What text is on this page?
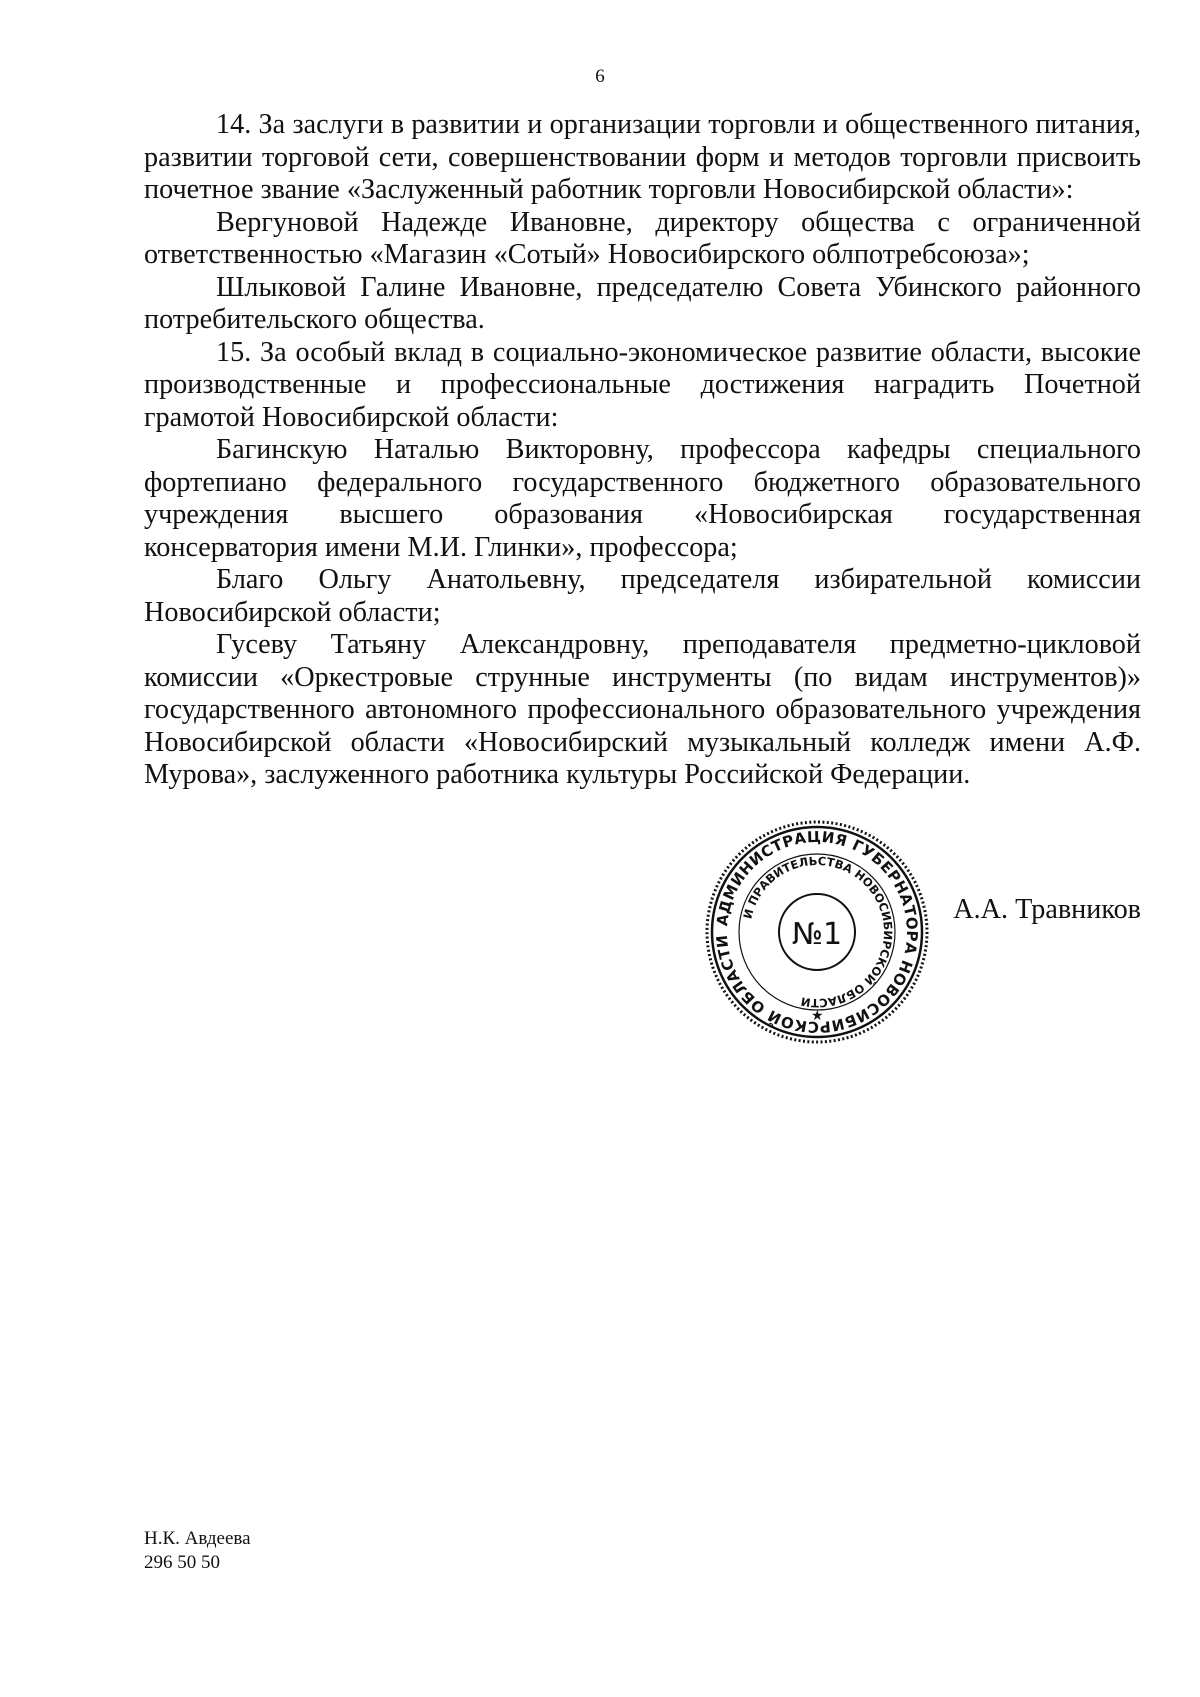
6

14. За заслуги в развитии и организации торговли и общественного питания, развитии торговой сети, совершенствовании форм и методов торговли присвоить почетное звание «Заслуженный работник торговли Новосибирской области»:

Вергуновой Надежде Ивановне, директору общества с ограниченной ответственностью «Магазин «Сотый» Новосибирского облпотребсоюза»;

Шлыковой Галине Ивановне, председателю Совета Убинского районного потребительского общества.

15. За особый вклад в социально-экономическое развитие области, высокие производственные и профессиональные достижения наградить Почетной грамотой Новосибирской области:

Багинскую Наталью Викторовну, профессора кафедры специального фортепиано федерального государственного бюджетного образовательного учреждения высшего образования «Новосибирская государственная консерватория имени М.И. Глинки», профессора;

Благо Ольгу Анатольевну, председателя избирательной комиссии Новосибирской области;

Гусеву Татьяну Александровну, преподавателя предметно-цикловой комиссии «Оркестровые струнные инструменты (по видам инструментов)» государственного автономного профессионального образовательного учреждения Новосибирской области «Новосибирский музыкальный колледж имени А.Ф. Мурова», заслуженного работника культуры Российской Федерации.

АДМИНИСТРАЦИЯ ГУБЕРНАТОРА НОВОСИБИРСКОЙ ОБЛАСТИ
И ПРАВИТЕЛЬСТВА НОВОСИБИРСКОЙ ОБЛАСТИ
№1
★
А.А. Травников
Н.К. Авдеева
296 50 50
